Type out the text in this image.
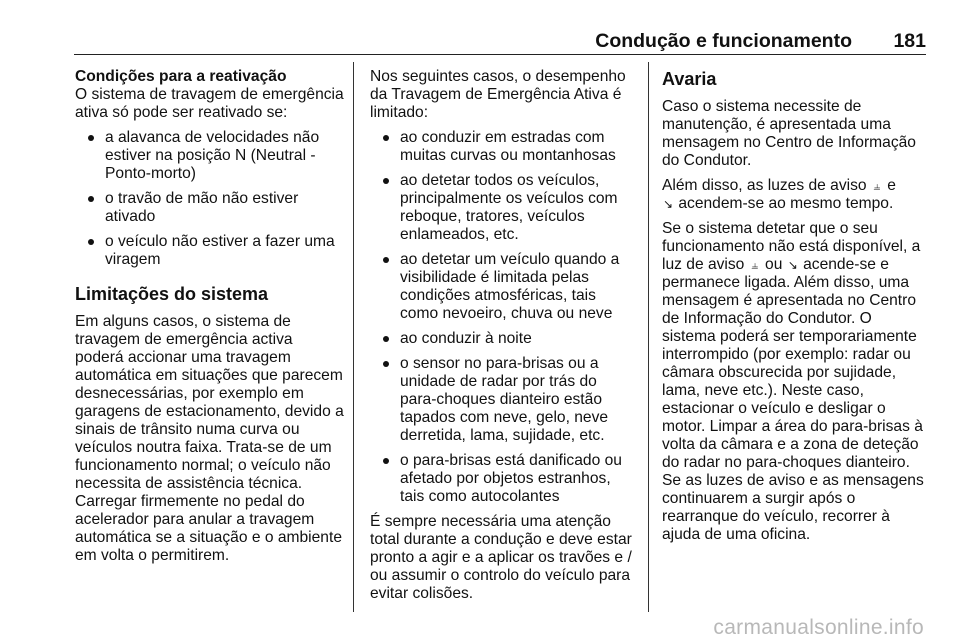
Condução e funcionamento 181

Condições para a reativação

O sistema de travagem de emergência ativa só pode ser reativado se:

a alavanca de velocidades não estiver na posição N (Neutral - Ponto-morto)
o travão de mão não estiver ativado
o veículo não estiver a fazer uma viragem
Limitações do sistema

Em alguns casos, o sistema de travagem de emergência activa poderá accionar uma travagem automática em situações que parecem desnecessárias, por exemplo em garagens de estacionamento, devido a sinais de trânsito numa curva ou veículos noutra faixa. Trata-se de um funcionamento normal; o veículo não necessita de assistência técnica. Carregar firmemente no pedal do acelerador para anular a travagem automática se a situação e o ambiente em volta o permitirem.

Nos seguintes casos, o desempenho da Travagem de Emergência Ativa é limitado:

ao conduzir em estradas com muitas curvas ou montanhosas
ao detetar todos os veículos, principalmente os veículos com reboque, tratores, veículos enlameados, etc.
ao detetar um veículo quando a visibilidade é limitada pelas condições atmosféricas, tais como nevoeiro, chuva ou neve
ao conduzir à noite
o sensor no para-brisas ou a unidade de radar por trás do para-choques dianteiro estão tapados com neve, gelo, neve derretida, lama, sujidade, etc.
o para-brisas está danificado ou afetado por objetos estranhos, tais como autocolantes

É sempre necessária uma atenção total durante a condução e deve estar pronto a agir e a aplicar os travões e / ou assumir o controlo do veículo para evitar colisões.

Avaria

Caso o sistema necessite de manutenção, é apresentada uma mensagem no Centro de Informação do Condutor.

Além disso, as luzes de aviso ⫨ e
↘ acendem-se ao mesmo tempo.

Se o sistema detetar que o seu funcionamento não está disponível, a luz de aviso ⫨ ou ↘ acende-se e permanece ligada. Além disso, uma mensagem é apresentada no Centro de Informação do Condutor. O sistema poderá ser temporariamente interrompido (por exemplo: radar ou câmara obscurecida por sujidade, lama, neve etc.). Neste caso, estacionar o veículo e desligar o motor. Limpar a área do para-brisas à volta da câmara e a zona de deteção do radar no para-choques dianteiro. Se as luzes de aviso e as mensagens continuarem a surgir após o rearranque do veículo, recorrer à ajuda de uma oficina.

carmanualsonline.info
